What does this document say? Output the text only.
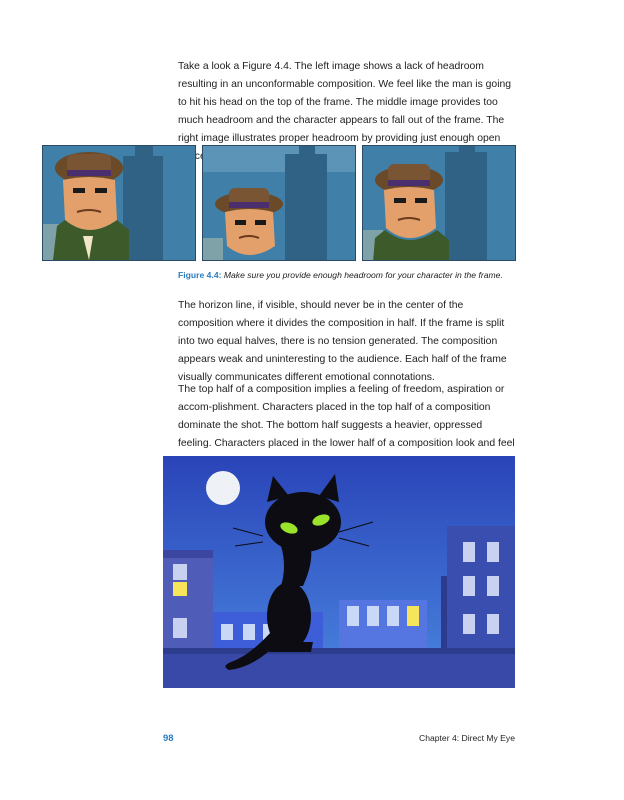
Take a look a Figure 4.4. The left image shows a lack of headroom resulting in an unconformable composition. We feel like the man is going to hit his head on the top of the frame. The middle image provides too much headroom and the character appears to fall out of the frame. The right image illustrates proper headroom by providing just enough open

Figure 4.4: Make sure you provide enough headroom for your character in the frame.

The horizon line, if visible, should never be in the center of the composition where it divides the composition in half. If the frame is split into two equal halves, there is no tension generated. The composition appears weak and uninteresting to the audience. Each half of the frame visually communicates different emotional connotations.

The top half of a composition implies a feeling of freedom, aspiration or accom-plishment. Characters placed in the top half of a composition dominate the shot. The bottom half suggests a heavier, oppressed feeling. Characters placed in the lower half of a composition look and feel

98	Chapter 4: Direct My Eye
